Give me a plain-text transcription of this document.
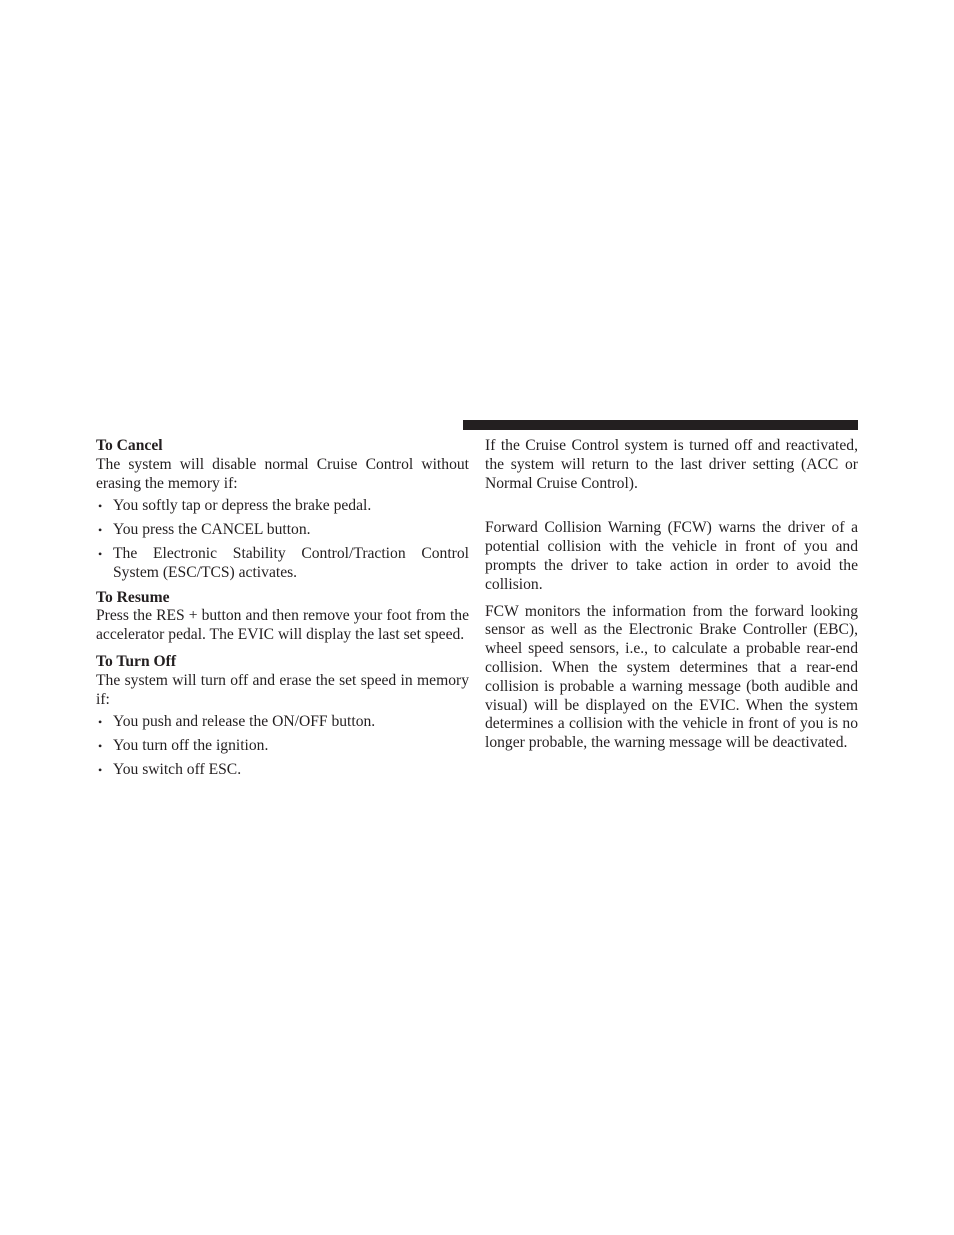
To Cancel

The system will disable normal Cruise Control without erasing the memory if:

• You softly tap or depress the brake pedal.
• You press the CANCEL button.
• The Electronic Stability Control/Traction Control System (ESC/TCS) activates.
To Resume

Press the RES + button and then remove your foot from the accelerator pedal. The EVIC will display the last set speed.

To Turn Off

The system will turn off and erase the set speed in memory if:

• You push and release the ON/OFF button.
• You turn off the ignition.
• You switch off ESC.

If the Cruise Control system is turned off and reactivated, the system will return to the last driver setting (ACC or Normal Cruise Control).

Forward Collision Warning (FCW) warns the driver of a potential collision with the vehicle in front of you and prompts the driver to take action in order to avoid the collision.

FCW monitors the information from the forward looking sensor as well as the Electronic Brake Controller (EBC), wheel speed sensors, i.e., to calculate a probable rear-end collision. When the system determines that a rear-end collision is probable a warning message (both audible and visual) will be displayed on the EVIC. When the system determines a collision with the vehicle in front of you is no longer probable, the warning message will be deactivated.
